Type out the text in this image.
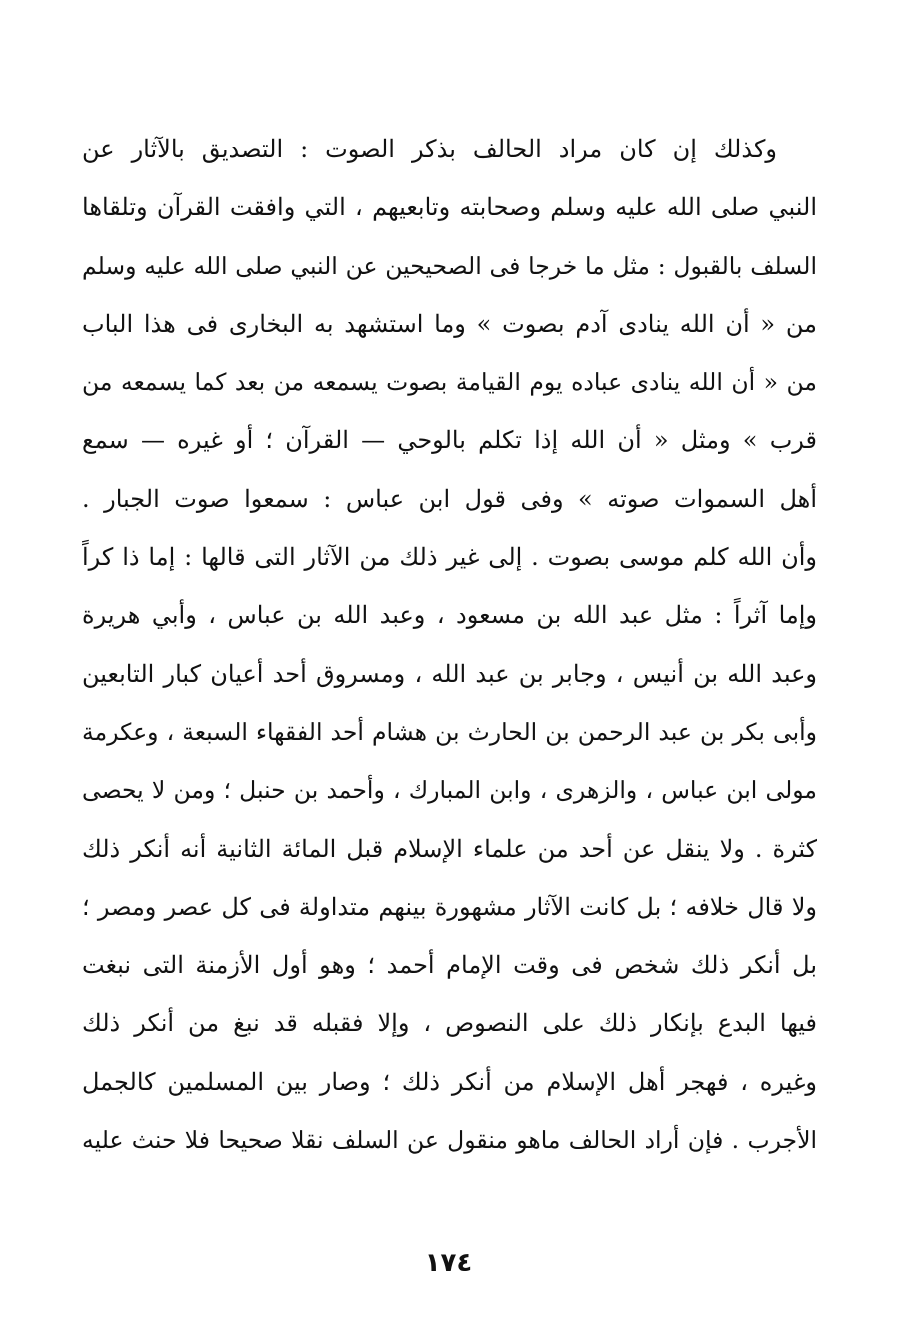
وكذلك إن كان مراد الحالف بذكر الصوت : التصديق بالآثار عن
النبي صلى الله عليه وسلم وصحابته وتابعيهم ، التي وافقت القرآن وتلقاها
السلف بالقبول : مثل ما خرجا فى الصحيحين عن النبي صلى الله عليه وسلم
من « أن الله ينادى آدم بصوت » وما استشهد به البخارى فى هذا الباب
من « أن الله ينادى عباده يوم القيامة بصوت يسمعه من بعد كما يسمعه من
قرب » ومثل « أن الله إذا تكلم بالوحي — القرآن ؛ أو غيره — سمع
أهل السموات صوته » وفى قول ابن عباس : سمعوا صوت الجبار .
وأن الله كلم موسى بصوت . إلى غير ذلك من الآثار التى قالها : إما ذا كراً
وإما آثراً : مثل عبد الله بن مسعود ، وعبد الله بن عباس ، وأبي هريرة
وعبد الله بن أنيس ، وجابر بن عبد الله ، ومسروق أحد أعيان كبار التابعين
وأبى بكر بن عبد الرحمن بن الحارث بن هشام أحد الفقهاء السبعة ، وعكرمة
مولى ابن عباس ، والزهرى ، وابن المبارك ، وأحمد بن حنبل ؛ ومن لا يحصى
كثرة . ولا ينقل عن أحد من علماء الإسلام قبل المائة الثانية أنه أنكر ذلك
ولا قال خلافه ؛ بل كانت الآثار مشهورة بينهم متداولة فى كل عصر ومصر ؛
بل أنكر ذلك شخص فى وقت الإمام أحمد ؛ وهو أول الأزمنة التى نبغت
فيها البدع بإنكار ذلك على النصوص ، وإلا فقبله قد نبغ من أنكر ذلك
وغيره ، فهجر أهل الإسلام من أنكر ذلك ؛ وصار بين المسلمين كالجمل
الأجرب . فإن أراد الحالف ماهو منقول عن السلف نقلا صحيحا فلا حنث عليه
١٧٤
